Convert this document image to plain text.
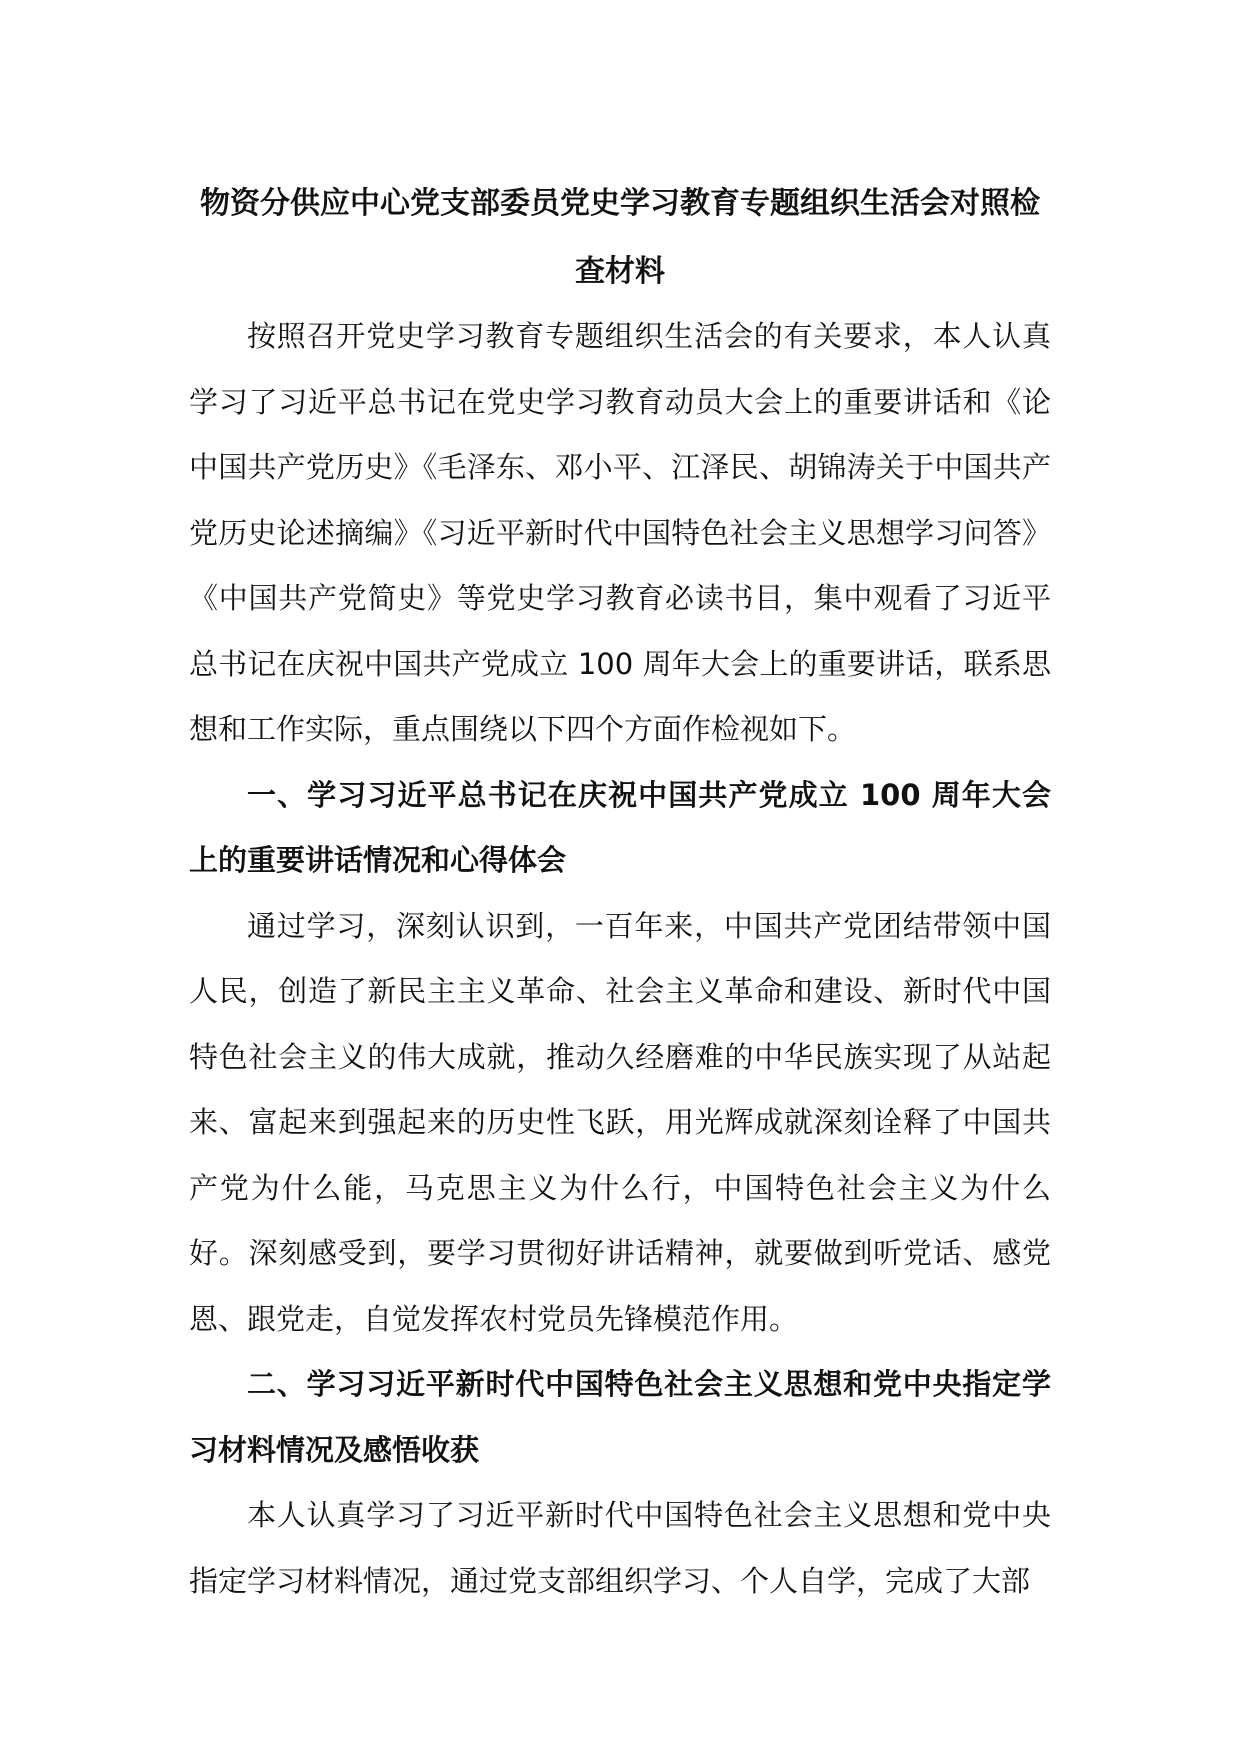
物资分供应中心党支部委员党史学习教育专题组织生活会对照检查材料

按照召开党史学习教育专题组织生活会的有关要求，本人认真学习了习近平总书记在党史学习教育动员大会上的重要讲话和《论中国共产党历史》《毛泽东、邓小平、江泽民、胡锦涛关于中国共产党历史论述摘编》《习近平新时代中国特色社会主义思想学习问答》《中国共产党简史》等党史学习教育必读书目，集中观看了习近平总书记在庆祝中国共产党成立 100 周年大会上的重要讲话，联系思想和工作实际，重点围绕以下四个方面作检视如下。

一、学习习近平总书记在庆祝中国共产党成立 100 周年大会上的重要讲话情况和心得体会

通过学习，深刻认识到，一百年来，中国共产党团结带领中国人民，创造了新民主主义革命、社会主义革命和建设、新时代中国特色社会主义的伟大成就，推动久经磨难的中华民族实现了从站起来、富起来到强起来的历史性飞跃，用光辉成就深刻诠释了中国共产党为什么能，马克思主义为什么行，中国特色社会主义为什么好。深刻感受到，要学习贯彻好讲话精神，就要做到听党话、感党恩、跟党走，自觉发挥农村党员先锋模范作用。

二、学习习近平新时代中国特色社会主义思想和党中央指定学习材料情况及感悟收获

本人认真学习了习近平新时代中国特色社会主义思想和党中央指定学习材料情况，通过党支部组织学习、个人自学，完成了大部
